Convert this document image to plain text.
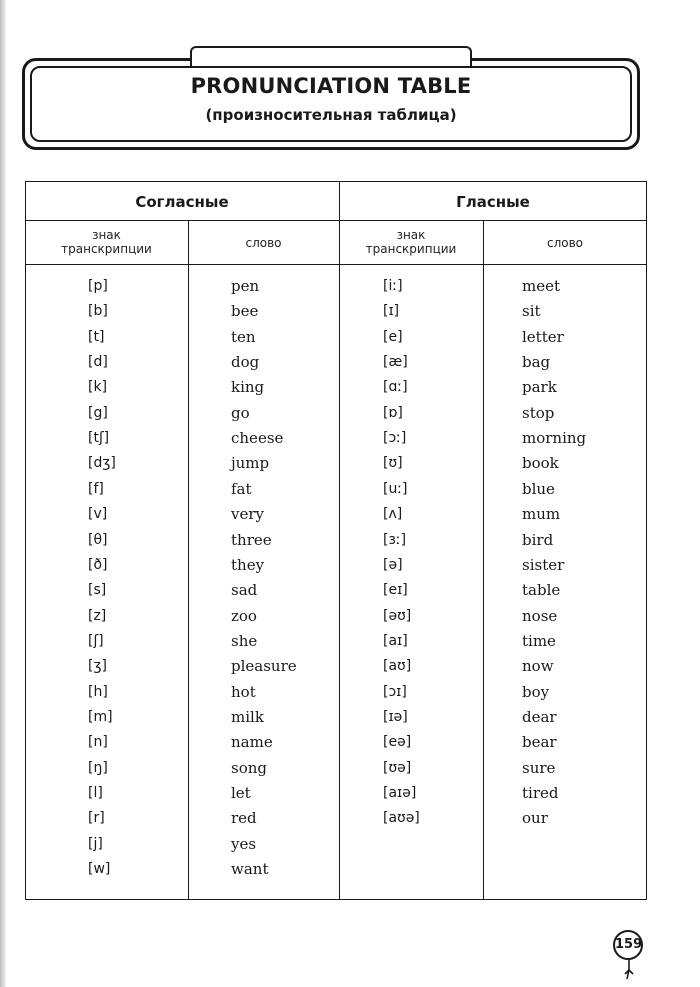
PRONUNCIATION TABLE
(произносительная таблица)
Согласные	Гласные
знак
транскрипции	слово
знак
транскрипции	слово
[p]	pen
[b]	bee
[t]	ten
[d]	dog
[k]	king
[g]	go
[tʃ]	cheese
[dʒ]	jump
[f]	fat
[v]	very
[θ]	three
[ð]	they
[s]	sad
[z]	zoo
[ʃ]	she
[ʒ]	pleasure
[h]	hot
[m]	milk
[n]	name
[ŋ]	song
[l]	let
[r]	red
[j]	yes
[w]	want
[iː]	meet
[ɪ]	sit
[e]	letter
[æ]	bag
[ɑː]	park
[ɒ]	stop
[ɔː]	morning
[ʊ]	book
[uː]	blue
[ʌ]	mum
[ɜː]	bird
[ə]	sister
[eɪ]	table
[əʊ]	nose
[aɪ]	time
[aʊ]	now
[ɔɪ]	boy
[ɪə]	dear
[eə]	bear
[ʊə]	sure
[aɪə]	tired
[aʊə]	our
159
